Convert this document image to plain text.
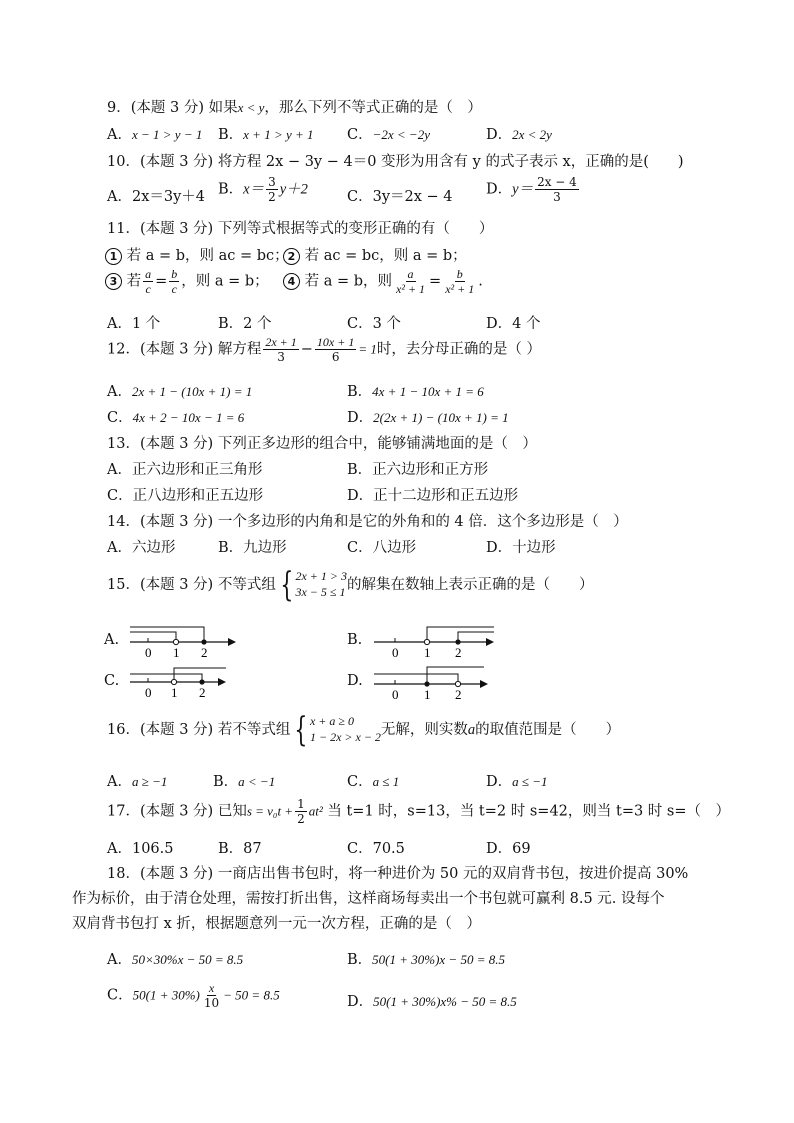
9．(本题 3 分) 如果x < y，那么下列不等式正确的是（　）
A．x − 1 > y − 1 B．x + 1 > y + 1 C．−2x < −2y	D．2x < 2y
10．(本题 3 分) 将方程 2x − 3y − 4＝0 变形为用含有 y 的式子表示 x，正确的是(　　)
A．2x＝3y＋4 B．$x= \frac{3}{2} y+2$	C．3y＝2x − 4 D．$y= \frac{2x - 4}{3}$
11．(本题 3 分) 下列等式根据等式的变形正确的有（　　）
1 若 a = b，则 ac = bc； 2 若 ac = bc，则 a = b；
3 若 $\frac{a}{c} = \frac{b}{c}$ ，则 a = b；	4 若 a = b，则 $\frac{a}{\text{x² + 1}} = \frac{b}{\text{x² + 1}}$ .
A．1 个	B．2 个	C．3 个	D．4 个
12．(本题 3 分) 解方程 $\frac{2x + 1}{3} - \frac{10x + 1}{6} = 1$时，去分母正确的是（ ）
A．2x + 1 − (10x + 1) = 1	B．4x + 1 − 10x + 1 = 6
C．4x + 2 − 10x − 1 = 6	D．2(2x + 1) − (10x + 1) = 1
13．(本题 3 分) 下列正多边形的组合中，能够铺满地面的是（　）
A．正六边形和正三角形	B．正六边形和正方形
C．正八边形和正五边形	D．正十二边形和正五边形
14．(本题 3 分) 一个多边形的内角和是它的外角和的 4 倍．这个多边形是（　）
A．六边形	B．九边形	C．八边形	D．十边形
15．(本题 3 分) 不等式组 { 2x + 1 > 3
3x − 5 ≤ 1 的解集在数轴上表示正确的是（　　）
A.
0 1 2
B.
0 1 2
C.
0 1 2
D.
0 1 2
16．(本题 3 分) 若不等式组 { x + a ≥ 0
1 − 2x > x − 2 无解，则实数a的取值范围是（　　）
A．a ≥ −1	B．a < −1	C．a ≤ 1	D．a ≤ −1
17．(本题 3 分) 已知$s = v_0t + \frac{1}{2} at^2$ 当 t=1 时，s=13，当 t=2 时 s=42，则当 t=3 时 s=（　）
A．106.5	B．87	C．70.5	D．69
18．(本题 3 分) 一商店出售书包时，将一种进价为 50 元的双肩背书包，按进价提高 30%
作为标价，由于清仓处理，需按打折出售，这样商场每卖出一个书包就可赢利 8.5 元. 设每个
双肩背书包打 x 折，根据题意列一元一次方程，正确的是（　）
A．50×30%x − 50 = 8.5	B．50(1 + 30%)x − 50 = 8.5
C．$50(1 + 30\%) \frac{x}{10} - 50 = 8.5$	D．50(1 + 30%)x% − 50 = 8.5
